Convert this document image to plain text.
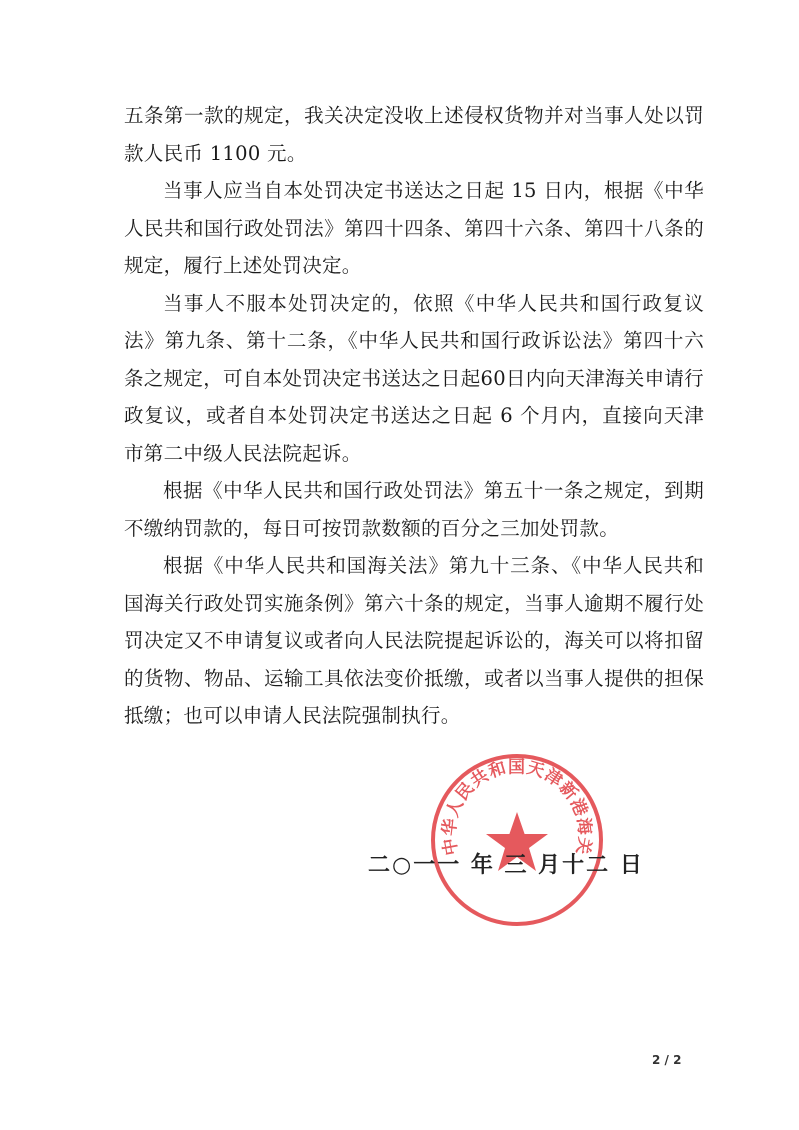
五条第一款的规定，我关决定没收上述侵权货物并对当事人处以罚款人民币 1100 元。

当事人应当自本处罚决定书送达之日起 15 日内，根据《中华人民共和国行政处罚法》第四十四条、第四十六条、第四十八条的规定，履行上述处罚决定。

当事人不服本处罚决定的，依照《中华人民共和国行政复议法》第九条、第十二条，《中华人民共和国行政诉讼法》第四十六条之规定，可自本处罚决定书送达之日起60日内向天津海关申请行政复议，或者自本处罚决定书送达之日起 6 个月内，直接向天津市第二中级人民法院起诉。

根据《中华人民共和国行政处罚法》第五十一条之规定，到期不缴纳罚款的，每日可按罚款数额的百分之三加处罚款。

根据《中华人民共和国海关法》第九十三条、《中华人民共和国海关行政处罚实施条例》第六十条的规定，当事人逾期不履行处罚决定又不申请复议或者向人民法院提起诉讼的，海关可以将扣留的货物、物品、运输工具依法变价抵缴，或者以当事人提供的担保抵缴；也可以申请人民法院强制执行。

中华人民共和国天津新港海关
二○一一 年 三 月十二 日
2 / 2
